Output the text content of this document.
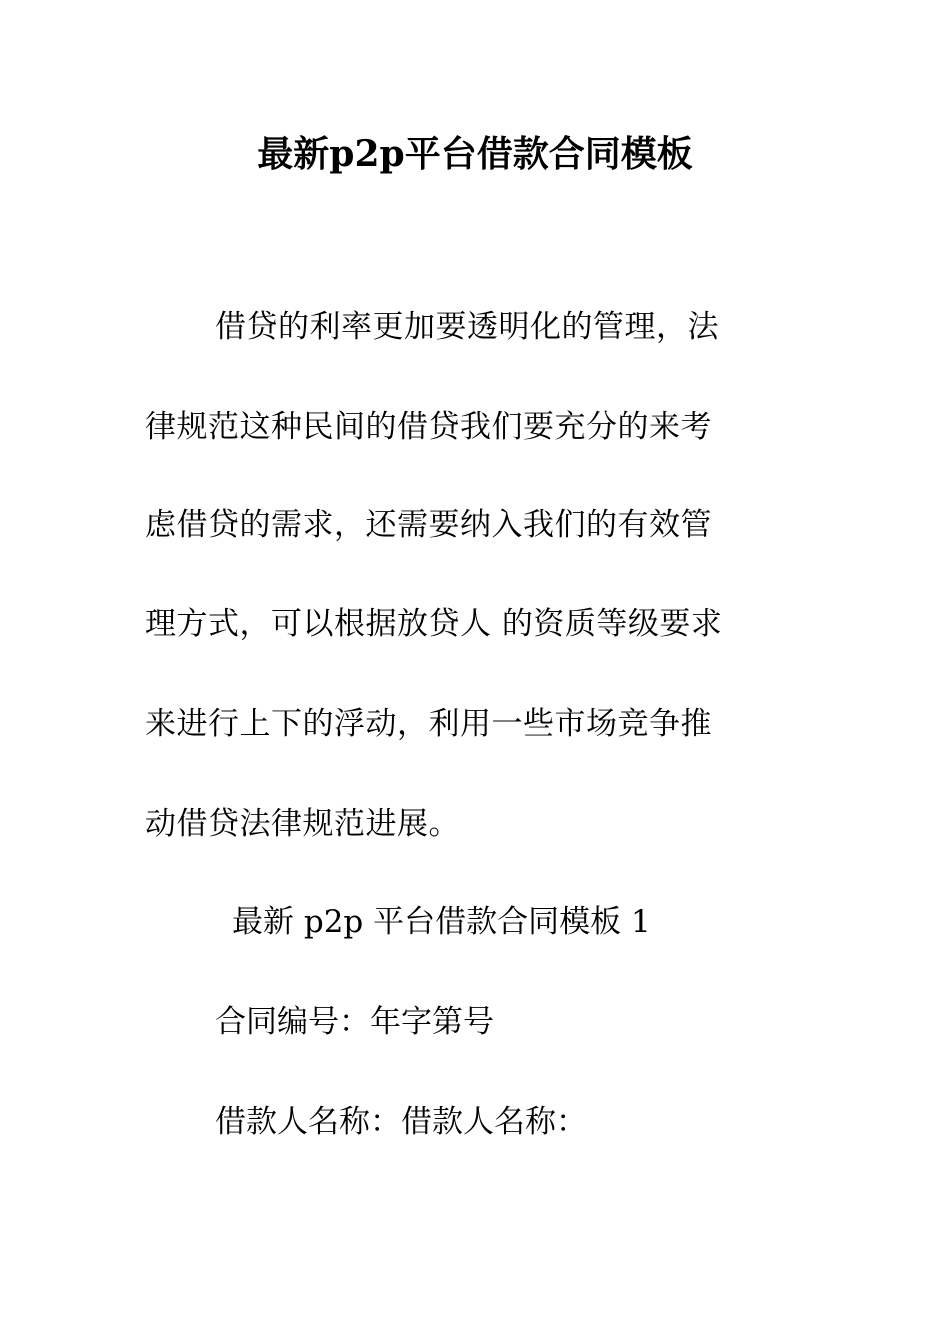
最新p2p平台借款合同模板
借贷的利率更加要透明化的管理，法
律规范这种民间的借贷我们要充分的来考
虑借贷的需求，还需要纳入我们的有效管
理方式，可以根据放贷人 的资质等级要求
来进行上下的浮动，利用一些市场竞争推
动借贷法律规范进展。
最新 p2p 平台借款合同模板 1
合同编号：年字第号
借款人名称：借款人名称：
